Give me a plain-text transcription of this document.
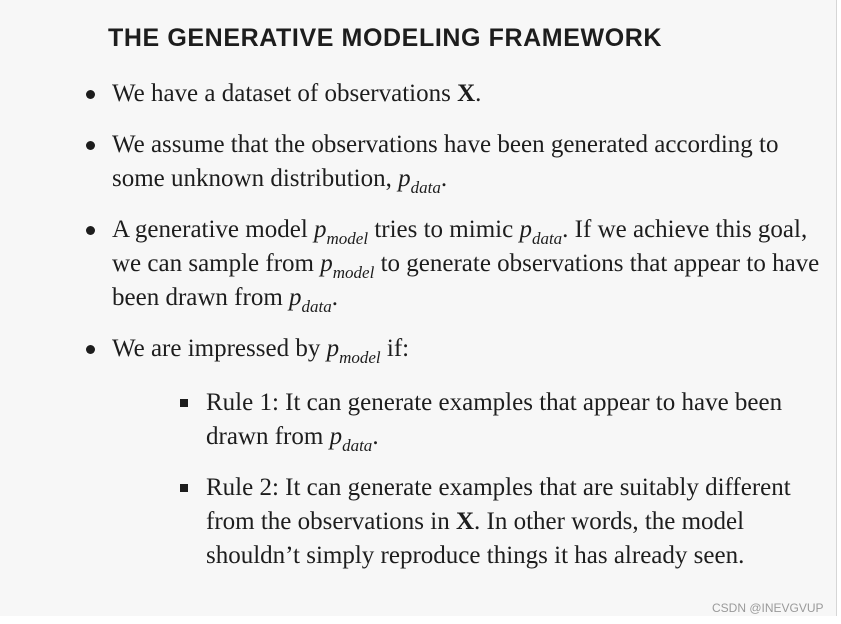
THE GENERATIVE MODELING FRAMEWORK

We have a dataset of observations X.

We assume that the observations have been generated according to some unknown distribution, $p_{data}$.

A generative model $p_{model}$ tries to mimic $p_{data}$. If we achieve this goal, we can sample from $p_{model}$ to generate observations that appear to have been drawn from $p_{data}$.

We are impressed by $p_{model}$ if:

Rule 1: It can generate examples that appear to have been drawn from $p_{data}$.

Rule 2: It can generate examples that are suitably different from the observations in X. In other words, the model shouldn’t simply reproduce things it has already seen.

CSDN @INEVGVUP
